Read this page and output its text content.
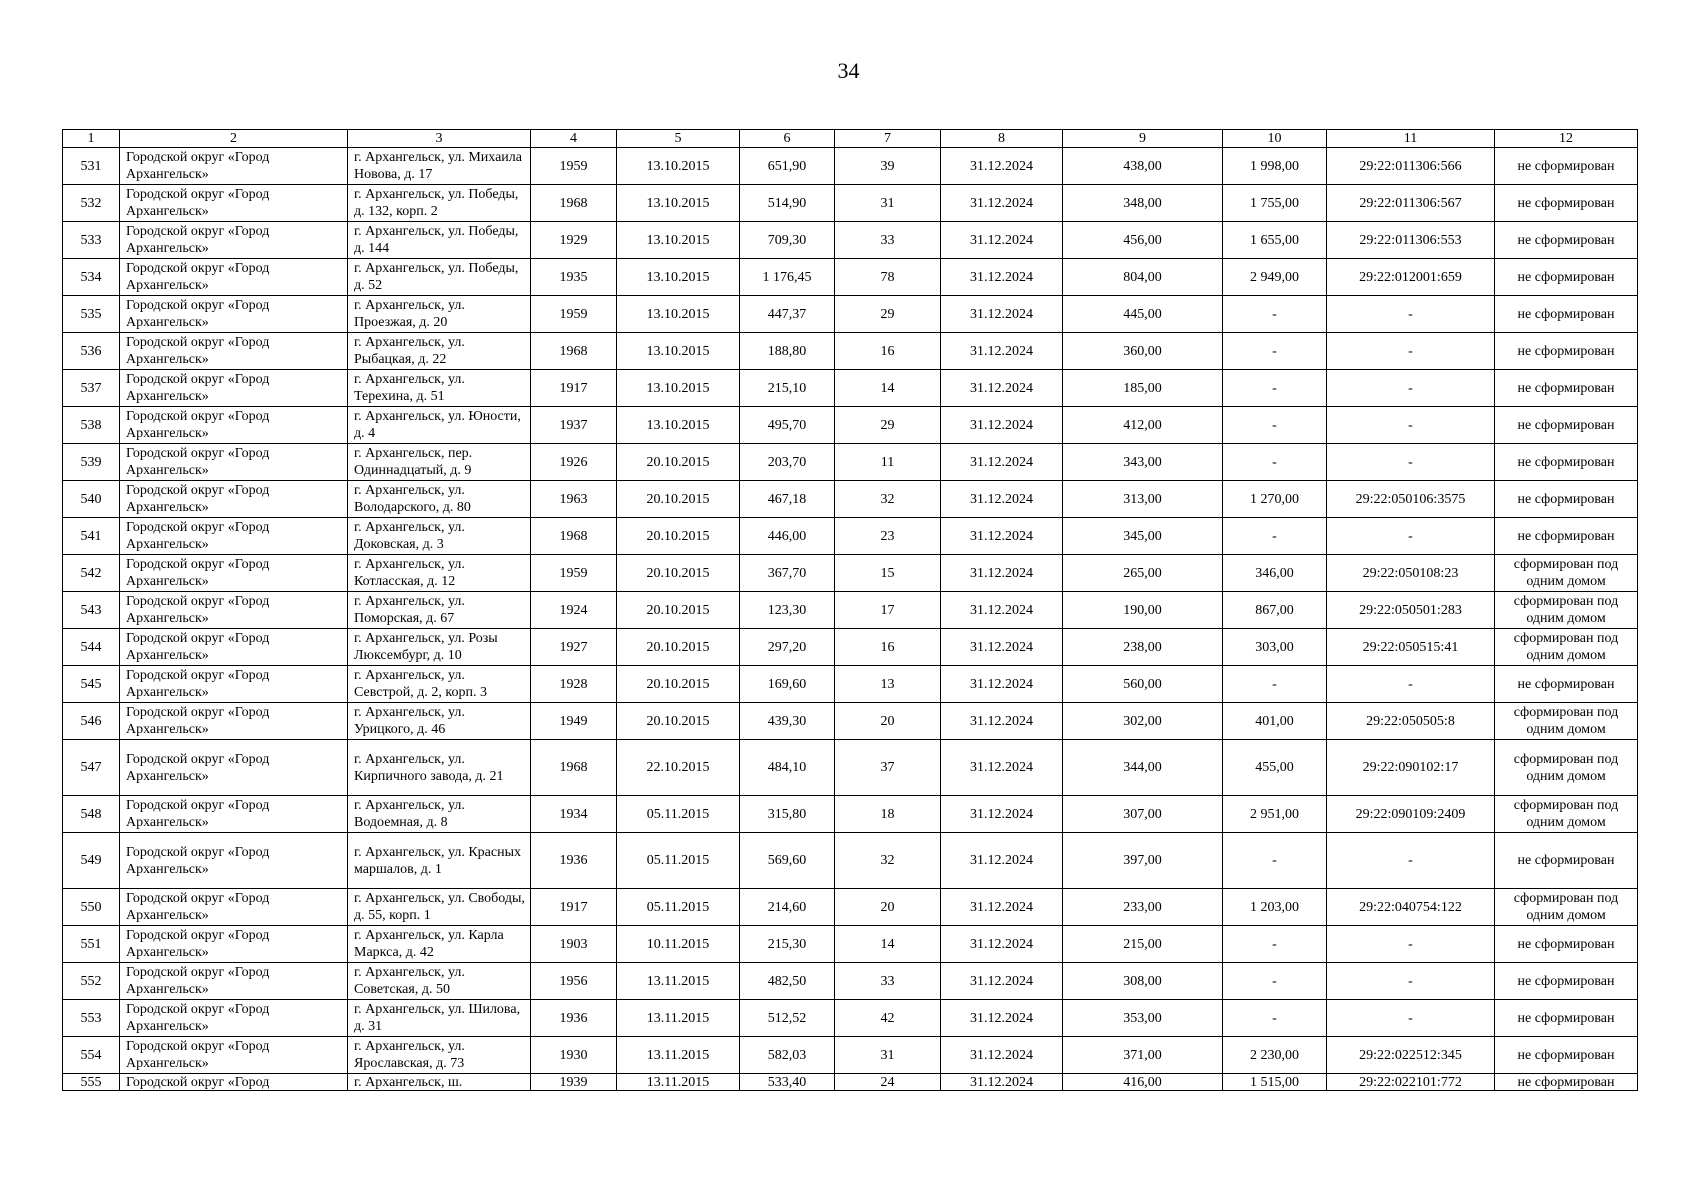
34
1	2	3	4	5	6	7	8	9	10	11	12
531	Городской округ «Город Архангельск»	г. Архангельск, ул. Михаила Новова, д. 17	1959	13.10.2015	651,90	39	31.12.2024	438,00	1 998,00	29:22:011306:566	не сформирован
532	Городской округ «Город Архангельск»	г. Архангельск, ул. Победы, д. 132, корп. 2	1968	13.10.2015	514,90	31	31.12.2024	348,00	1 755,00	29:22:011306:567	не сформирован
533	Городской округ «Город Архангельск»	г. Архангельск, ул. Победы, д. 144	1929	13.10.2015	709,30	33	31.12.2024	456,00	1 655,00	29:22:011306:553	не сформирован
534	Городской округ «Город Архангельск»	г. Архангельск, ул. Победы, д. 52	1935	13.10.2015	1 176,45	78	31.12.2024	804,00	2 949,00	29:22:012001:659	не сформирован
535	Городской округ «Город Архангельск»	г. Архангельск, ул. Проезжая, д. 20	1959	13.10.2015	447,37	29	31.12.2024	445,00	-	-	не сформирован
536	Городской округ «Город Архангельск»	г. Архангельск, ул. Рыбацкая, д. 22	1968	13.10.2015	188,80	16	31.12.2024	360,00	-	-	не сформирован
537	Городской округ «Город Архангельск»	г. Архангельск, ул. Терехина, д. 51	1917	13.10.2015	215,10	14	31.12.2024	185,00	-	-	не сформирован
538	Городской округ «Город Архангельск»	г. Архангельск, ул. Юности, д. 4	1937	13.10.2015	495,70	29	31.12.2024	412,00	-	-	не сформирован
539	Городской округ «Город Архангельск»	г. Архангельск, пер. Одиннадцатый, д. 9	1926	20.10.2015	203,70	11	31.12.2024	343,00	-	-	не сформирован
540	Городской округ «Город Архангельск»	г. Архангельск, ул. Володарского, д. 80	1963	20.10.2015	467,18	32	31.12.2024	313,00	1 270,00	29:22:050106:3575	не сформирован
541	Городской округ «Город Архангельск»	г. Архангельск, ул. Доковская, д. 3	1968	20.10.2015	446,00	23	31.12.2024	345,00	-	-	не сформирован
542	Городской округ «Город Архангельск»	г. Архангельск, ул. Котласская, д. 12	1959	20.10.2015	367,70	15	31.12.2024	265,00	346,00	29:22:050108:23	сформирован под одним домом
543	Городской округ «Город Архангельск»	г. Архангельск, ул. Поморская, д. 67	1924	20.10.2015	123,30	17	31.12.2024	190,00	867,00	29:22:050501:283	сформирован под одним домом
544	Городской округ «Город Архангельск»	г. Архангельск, ул. Розы Люксембург, д. 10	1927	20.10.2015	297,20	16	31.12.2024	238,00	303,00	29:22:050515:41	сформирован под одним домом
545	Городской округ «Город Архангельск»	г. Архангельск, ул. Севстрой, д. 2, корп. 3	1928	20.10.2015	169,60	13	31.12.2024	560,00	-	-	не сформирован
546	Городской округ «Город Архангельск»	г. Архангельск, ул. Урицкого, д. 46	1949	20.10.2015	439,30	20	31.12.2024	302,00	401,00	29:22:050505:8	сформирован под одним домом
547	Городской округ «Город Архангельск»	г. Архангельск, ул. Кирпичного завода, д. 21	1968	22.10.2015	484,10	37	31.12.2024	344,00	455,00	29:22:090102:17	сформирован под одним домом
548	Городской округ «Город Архангельск»	г. Архангельск, ул. Водоемная, д. 8	1934	05.11.2015	315,80	18	31.12.2024	307,00	2 951,00	29:22:090109:2409	сформирован под одним домом
549	Городской округ «Город Архангельск»	г. Архангельск, ул. Красных маршалов, д. 1	1936	05.11.2015	569,60	32	31.12.2024	397,00	-	-	не сформирован
550	Городской округ «Город Архангельск»	г. Архангельск, ул. Свободы, д. 55, корп. 1	1917	05.11.2015	214,60	20	31.12.2024	233,00	1 203,00	29:22:040754:122	сформирован под одним домом
551	Городской округ «Город Архангельск»	г. Архангельск, ул. Карла Маркса, д. 42	1903	10.11.2015	215,30	14	31.12.2024	215,00	-	-	не сформирован
552	Городской округ «Город Архангельск»	г. Архангельск, ул. Советская, д. 50	1956	13.11.2015	482,50	33	31.12.2024	308,00	-	-	не сформирован
553	Городской округ «Город Архангельск»	г. Архангельск, ул. Шилова, д. 31	1936	13.11.2015	512,52	42	31.12.2024	353,00	-	-	не сформирован
554	Городской округ «Город Архангельск»	г. Архангельск, ул. Ярославская, д. 73	1930	13.11.2015	582,03	31	31.12.2024	371,00	2 230,00	29:22:022512:345	не сформирован
555	Городской округ «Город	г. Архангельск, ш.	1939	13.11.2015	533,40	24	31.12.2024	416,00	1 515,00	29:22:022101:772	не сформирован
